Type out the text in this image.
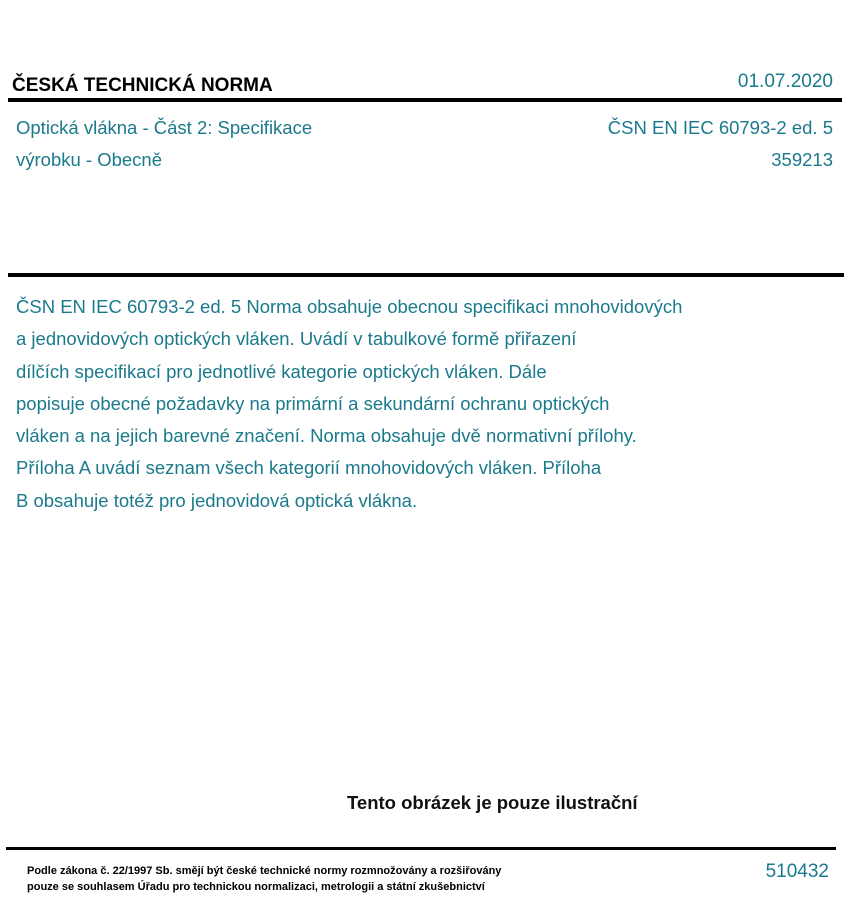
ČESKÁ TECHNICKÁ NORMA	01.07.2020
Optická vlákna - Část 2: Specifikace
výrobku - Obecně
ČSN EN IEC 60793-2 ed. 5
359213
ČSN EN IEC 60793-2 ed. 5 Norma obsahuje obecnou specifikaci mnohovidových
a jednovidových optických vláken. Uvádí v tabulkové formě přiřazení
dílčích specifikací pro jednotlivé kategorie optických vláken. Dále
popisuje obecné požadavky na primární a sekundární ochranu optických
vláken a na jejich barevné značení. Norma obsahuje dvě normativní přílohy.
Příloha A uvádí seznam všech kategorií mnohovidových vláken. Příloha
B obsahuje totéž pro jednovidová optická vlákna.
Tento obrázek je pouze ilustrační
Podle zákona č. 22/1997 Sb. smějí být české technické normy rozmnožovány a rozšiřovány
pouze se souhlasem Úřadu pro technickou normalizaci, metrologii a státní zkušebnictví
510432
